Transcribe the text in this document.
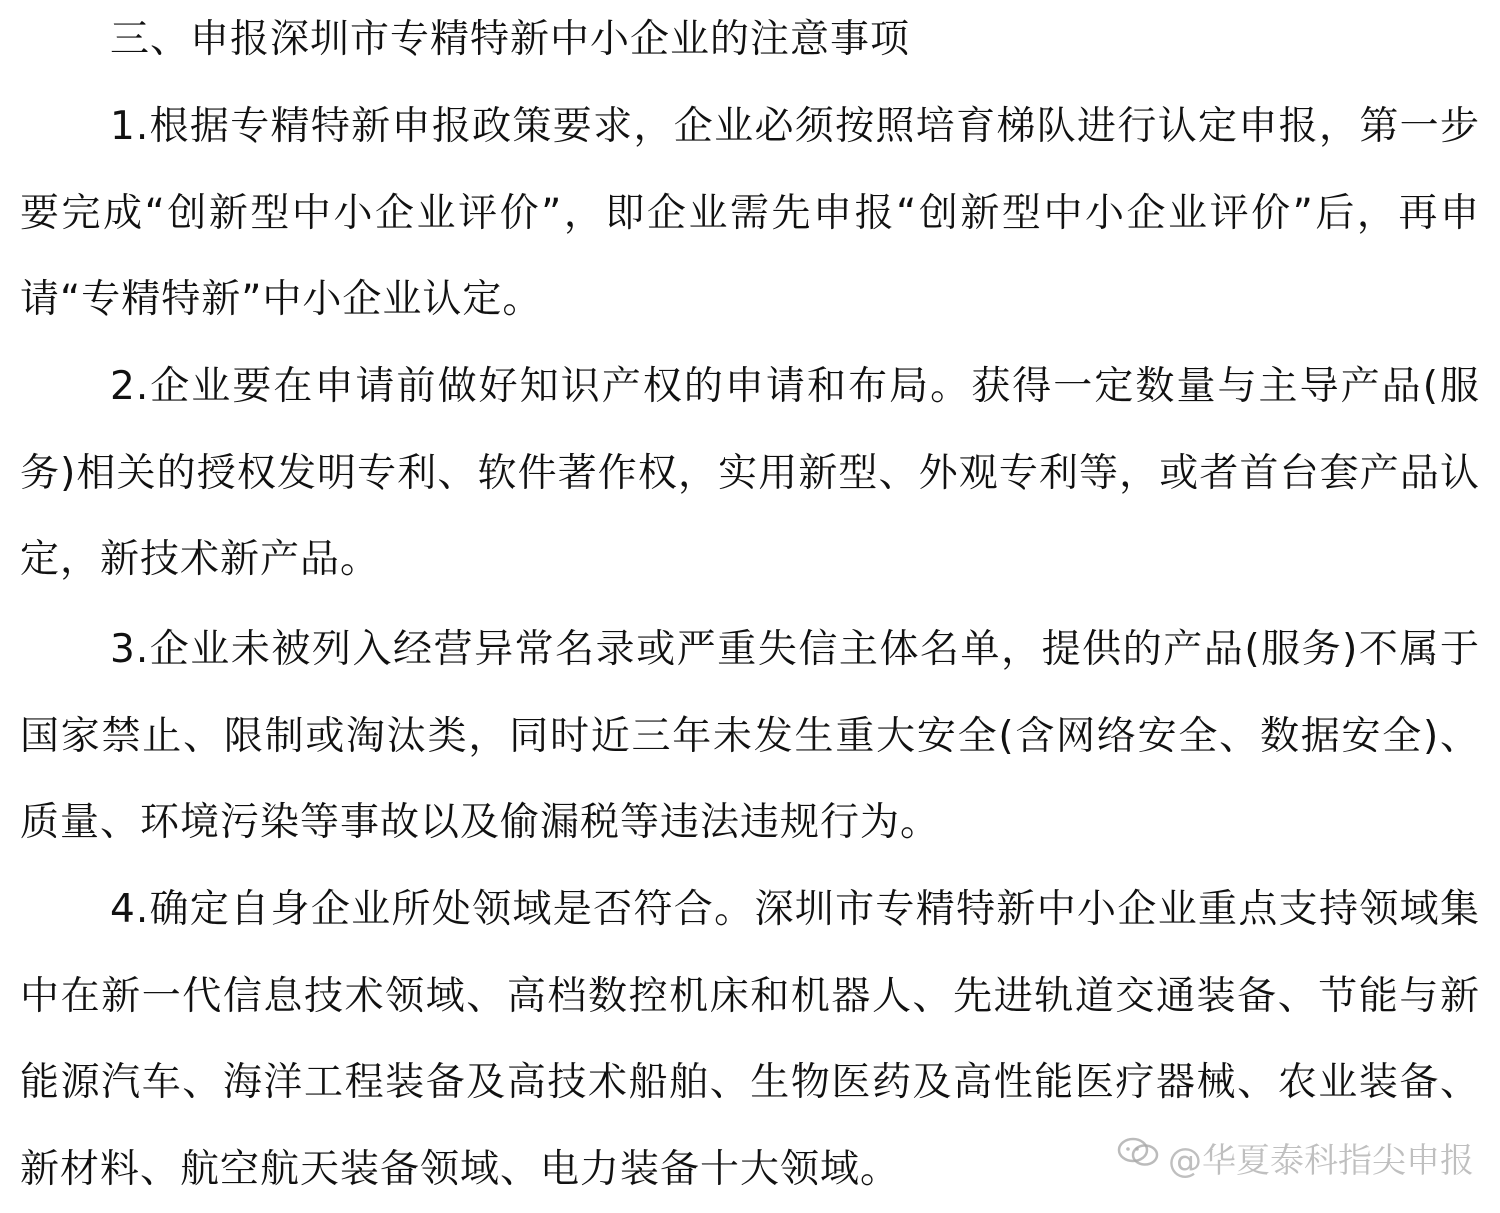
三、申报深圳市专精特新中小企业的注意事项

1.根据专精特新申报政策要求，企业必须按照培育梯队进行认定申报，第一步要完成“创新型中小企业评价”，即企业需先申报“创新型中小企业评价”后，再申请“专精特新”中小企业认定。

2.企业要在申请前做好知识产权的申请和布局。获得一定数量与主导产品(服务)相关的授权发明专利、软件著作权，实用新型、外观专利等，或者首台套产品认定，新技术新产品。

3.企业未被列入经营异常名录或严重失信主体名单，提供的产品(服务)不属于国家禁止、限制或淘汰类，同时近三年未发生重大安全(含网络安全、数据安全)、质量、环境污染等事故以及偷漏税等违法违规行为。

4.确定自身企业所处领域是否符合。深圳市专精特新中小企业重点支持领域集中在新一代信息技术领域、高档数控机床和机器人、先进轨道交通装备、节能与新能源汽车、海洋工程装备及高技术船舶、生物医药及高性能医疗器械、农业装备、新材料、航空航天装备领域、电力装备十大领域。	@华夏泰科指尖申报
